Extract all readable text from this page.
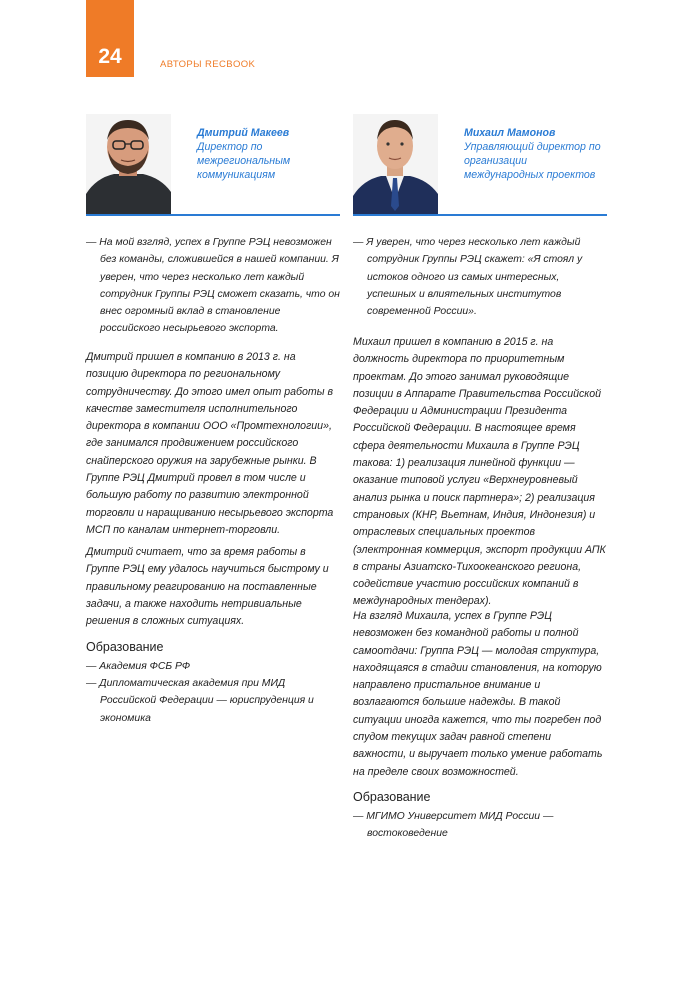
24	АВТОРЫ RECBOOK
Дмитрий Макеев
Директор по межрегиональным коммуникациям
— На мой взгляд, успех в Группе РЭЦ невозможен без команды, сложившейся в нашей компании. Я уверен, что через несколько лет каждый сотрудник Группы РЭЦ сможет сказать, что он внес огромный вклад в становление российского несырьевого экспорта.
Дмитрий пришел в компанию в 2013 г. на позицию директора по региональному сотрудничеству. До этого имел опыт работы в качестве заместителя исполнительного директора в компании ООО «Промтехнологии», где занимался продвижением российского снайперского оружия на зарубежные рынки. В Группе РЭЦ Дмитрий провел в том числе и большую работу по развитию электронной торговли и наращиванию несырьевого экспорта МСП по каналам интернет-торговли.
Дмитрий считает, что за время работы в Группе РЭЦ ему удалось научиться быстрому и правильному реагированию на поставленные задачи, а также находить нетривиальные решения в сложных ситуациях.
Образование
— Академия ФСБ РФ
— Дипломатическая академия при МИД Российской Федерации — юриспруденция и экономика
Михаил Мамонов
Управляющий директор по организации международных проектов
— Я уверен, что через несколько лет каждый сотрудник Группы РЭЦ скажет: «Я стоял у истоков одного из самых интересных, успешных и влиятельных институтов современной России».
Михаил пришел в компанию в 2015 г. на должность директора по приоритетным проектам. До этого занимал руководящие позиции в Аппарате Правительства Российской Федерации и Администрации Президента Российской Федерации. В настоящее время сфера деятельности Михаила в Группе РЭЦ такова: 1) реализация линейной функции — оказание типовой услуги «Верхнеуровневый анализ рынка и поиск партнера»; 2) реализация страновых (КНР, Вьетнам, Индия, Индонезия) и отраслевых специальных проектов (электронная коммерция, экспорт продукции АПК в страны Азиатско-Тихоокеанского региона, содействие участию российских компаний в международных тендерах).
На взгляд Михаила, успех в Группе РЭЦ невозможен без командной работы и полной самоотдачи: Группа РЭЦ — молодая структура, находящаяся в стадии становления, на которую направлено пристальное внимание и возлагаются большие надежды. В такой ситуации иногда кажется, что ты погребен под спудом текущих задач равной степени важности, и выручает только умение работать на пределе своих возможностей.
Образование
— МГИМО Университет МИД России — востоковедение
